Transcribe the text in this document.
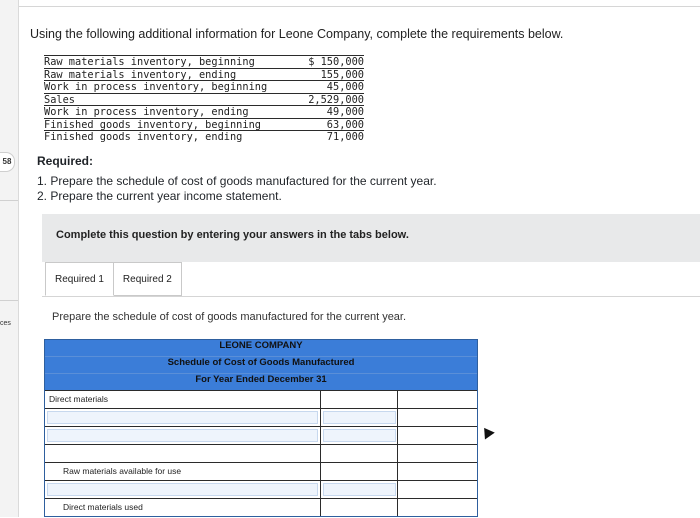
58
ces
Using the following additional information for Leone Company, complete the requirements below.
Raw materials inventory, beginning	$ 150,000
Raw materials inventory, ending	155,000
Work in process inventory, beginning	45,000
Sales	2,529,000
Work in process inventory, ending	49,000
Finished goods inventory, beginning	63,000
Finished goods inventory, ending	71,000
Required:
1. Prepare the schedule of cost of goods manufactured for the current year.
2. Prepare the current year income statement.
Complete this question by entering your answers in the tabs below.
Required 1	Required 2
Prepare the schedule of cost of goods manufactured for the current year.
LEONE COMPANY
Schedule of Cost of Goods Manufactured
For Year Ended December 31
Direct materials
Raw materials available for use
Direct materials used
